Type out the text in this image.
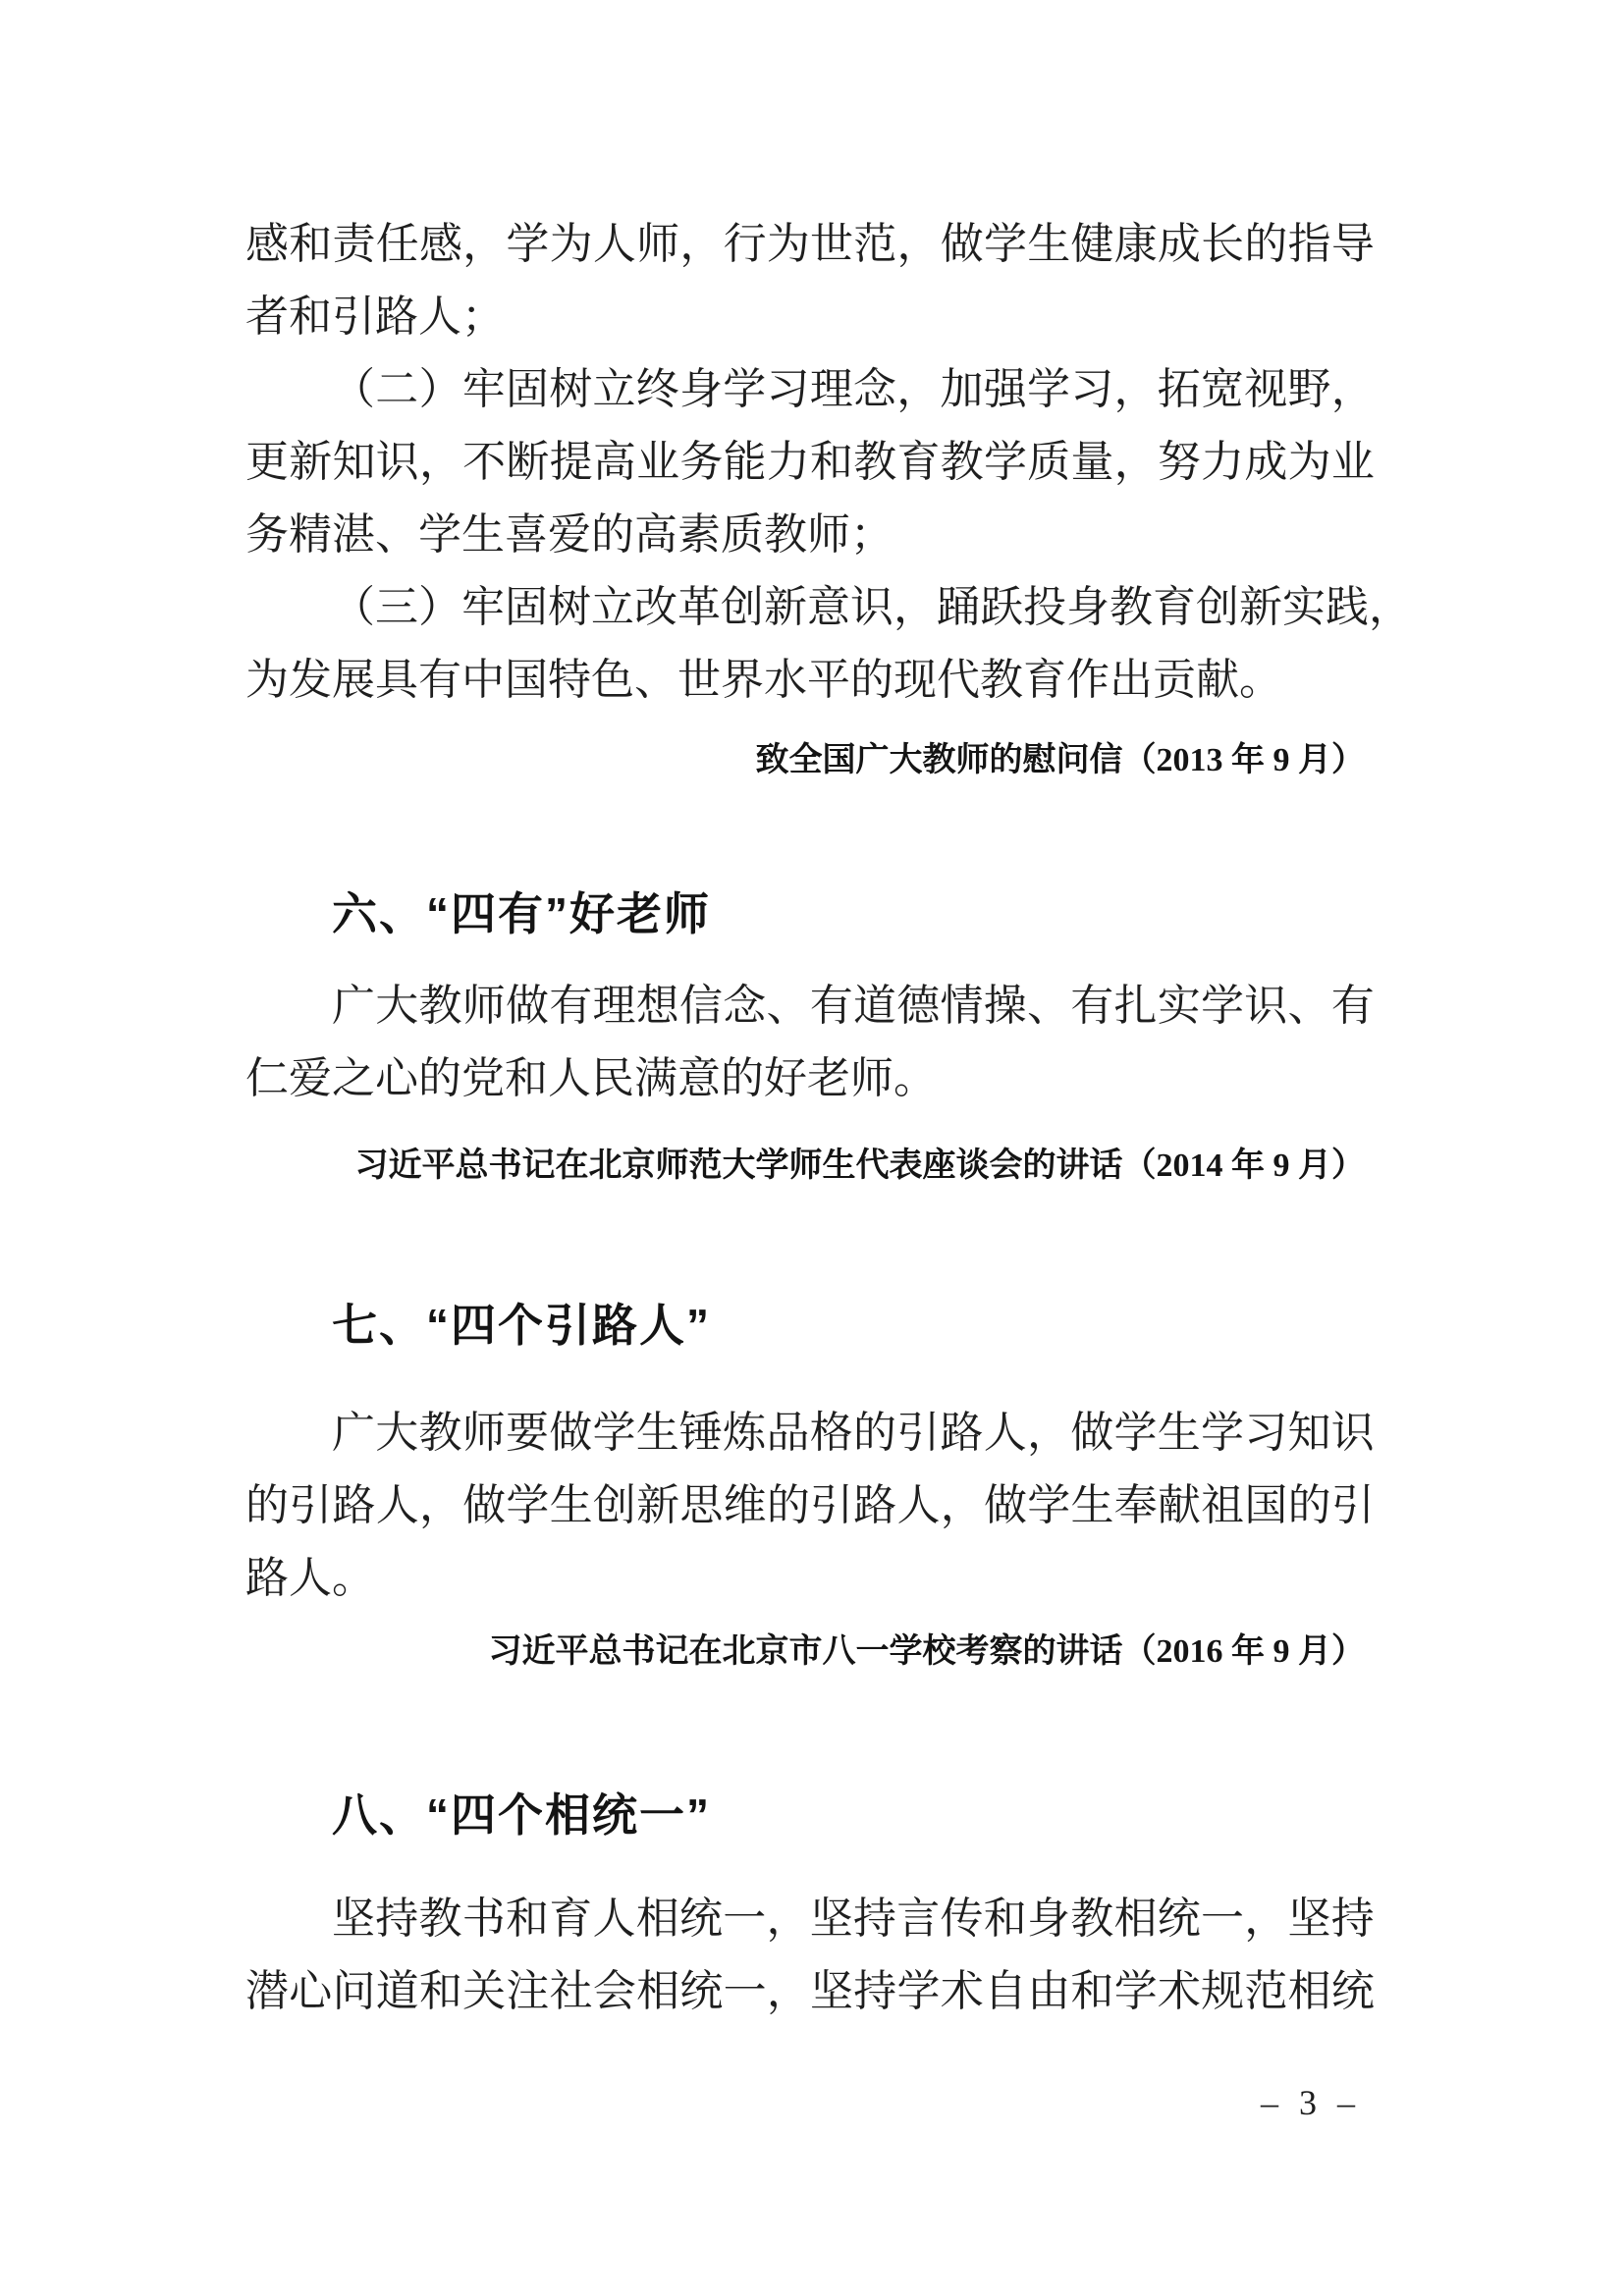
感 和 责 任 感 ， 学 为 人 师 ， 行 为 世 范 ， 做 学 生 健 康 成 长 的 指 导
者和引路人；
（ 二 ） 牢 固 树 立 终 身 学 习 理 念 ， 加 强 学 习 ， 拓 宽 视 野 ，
更 新 知 识 ， 不 断 提 高 业 务 能 力 和 教 育 教 学 质 量 ， 努 力 成 为 业
务精湛、学生喜爱的高素质教师；
（ 三 ） 牢 固 树 立 改 革 创 新 意 识 ， 踊 跃 投 身 教 育 创 新 实 践 ，
为发展具有中国特色、世界水平的现代教育作出贡献。
致全国广大教师的慰问信（2013 年 9 月）
六、“四有”好老师
广 大 教 师 做 有 理 想 信 念 、 有 道 德 情 操 、 有 扎 实 学 识 、 有
仁爱之心的党和人民满意的好老师。
习近平总书记在北京师范大学师生代表座谈会的讲话（2014 年 9 月）
七、“四个引路人”
广 大 教 师 要 做 学 生 锤 炼 品 格 的 引 路 人 ， 做 学 生 学 习 知 识
的 引 路 人 ， 做 学 生 创 新 思 维 的 引 路 人 ， 做 学 生 奉 献 祖 国 的 引
路人。
习近平总书记在北京市八一学校考察的讲话（2016 年 9 月）
八、“四个相统一”
坚 持 教 书 和 育 人 相 统 一 ， 坚 持 言 传 和 身 教 相 统 一 ， 坚 持
潜 心 问 道 和 关 注 社 会 相 统 一 ， 坚 持 学 术 自 由 和 学 术 规 范 相 统
– 3 –
